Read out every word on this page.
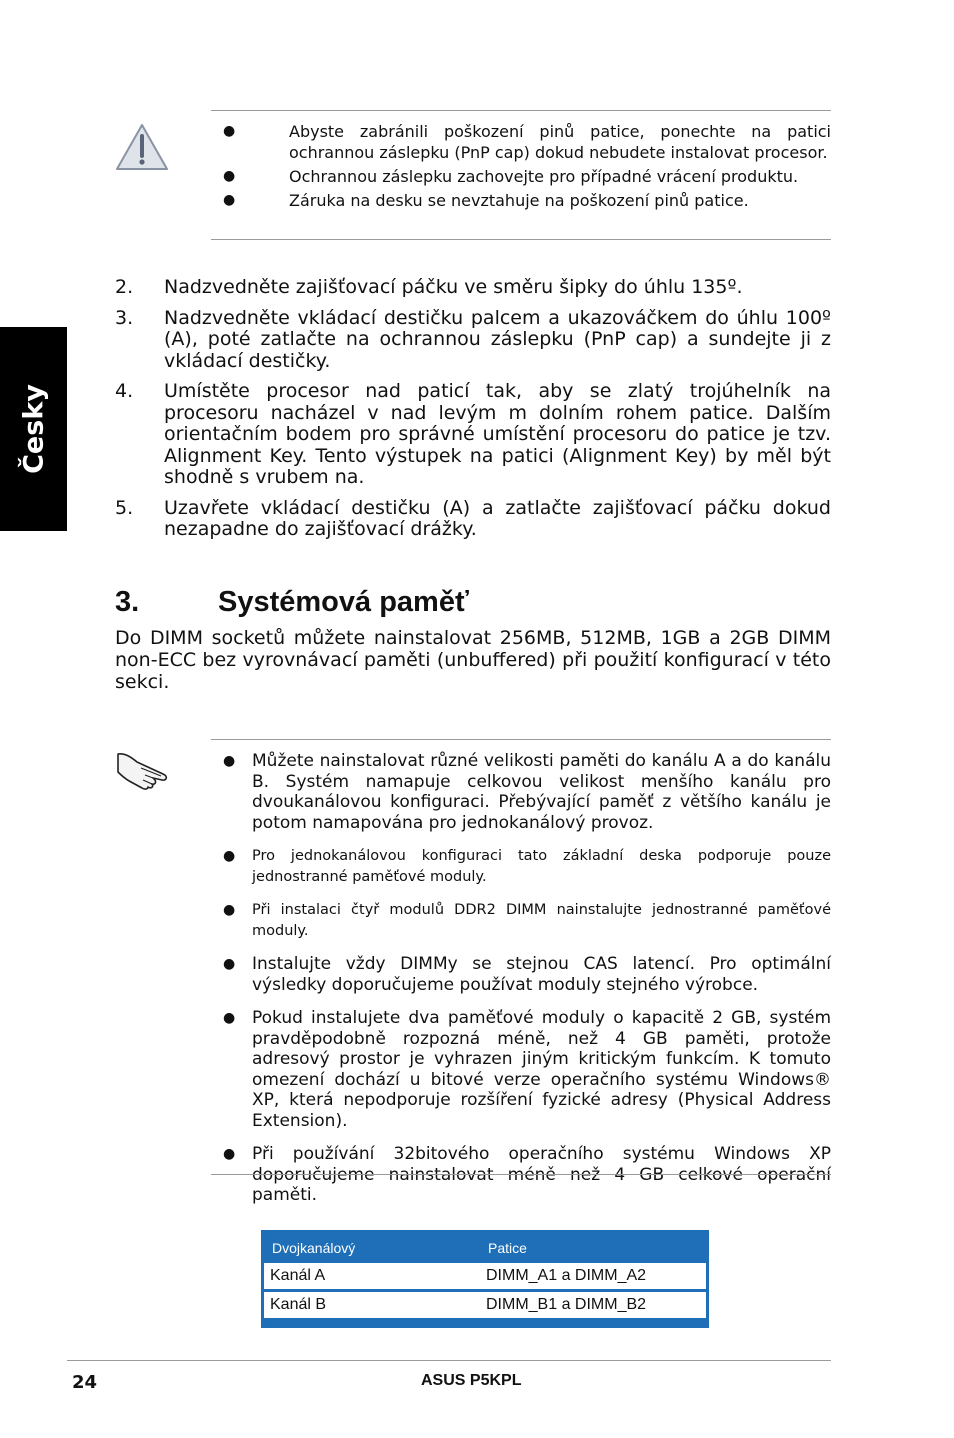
Česky
●	Abyste zabránili poškození pinů patice, ponechte na patici ochrannou záslepku (PnP cap) dokud nebudete instalovat procesor.
●	Ochrannou záslepku zachovejte pro případné vrácení produktu.
●	Záruka na desku se nevztahuje na poškození pinů patice.
2. Nadzvedněte zajišťovací páčku ve směru šipky do úhlu 135º.
3. Nadzvedněte vkládací destičku palcem a ukazováčkem do úhlu 100º (A), poté zatlačte na ochrannou záslepku (PnP cap) a sundejte ji z vkládací destičky.
4. Umístěte procesor nad paticí tak, aby se zlatý trojúhelník na procesoru nacházel v nad levým m dolním rohem patice. Dalším orientačním bodem pro správné umístění procesoru do patice je tzv. Alignment Key. Tento výstupek na patici (Alignment Key) by měl být shodně s vrubem na.
5. Uzavřete vkládací destičku (A) a zatlačte zajišťovací páčku dokud nezapadne do zajišťovací drážky.
3.	Systémová paměť

Do DIMM socketů můžete nainstalovat 256MB, 512MB, 1GB a 2GB DIMM non-ECC bez vyrovnávací paměti (unbuffered) při použití konfigurací v této sekci.

● Můžete nainstalovat různé velikosti paměti do kanálu A a do kanálu B. Systém namapuje celkovou velikost menšího kanálu pro dvoukanálovou konfiguraci. Přebývající paměť z většího kanálu je potom namapována pro jednokanálový provoz.
● Pro jednokanálovou konfiguraci tato základní deska podporuje pouze jednostranné paměťové moduly.
● Při instalaci čtyř modulů DDR2 DIMM nainstalujte jednostranné paměťové moduly.
● Instalujte vždy DIMMy se stejnou CAS latencí. Pro optimální výsledky doporučujeme používat moduly stejného výrobce.
● Pokud instalujete dva paměťové moduly o kapacitě 2 GB, systém pravděpodobně rozpozná méně, než 4 GB paměti, protože adresový prostor je vyhrazen jiným kritickým funkcím. K tomuto omezení dochází u bitové verze operačního systému Windows® XP, která nepodporuje rozšíření fyzické adresy (Physical Address Extension).
● Při používání 32bitového operačního systému Windows XP doporučujeme nainstalovat méně než 4 GB celkové operační paměti.
Dvojkanálový	Patice
Kanál A	DIMM_A1 a DIMM_A2
Kanál B	DIMM_B1 a DIMM_B2
24	ASUS P5KPL
